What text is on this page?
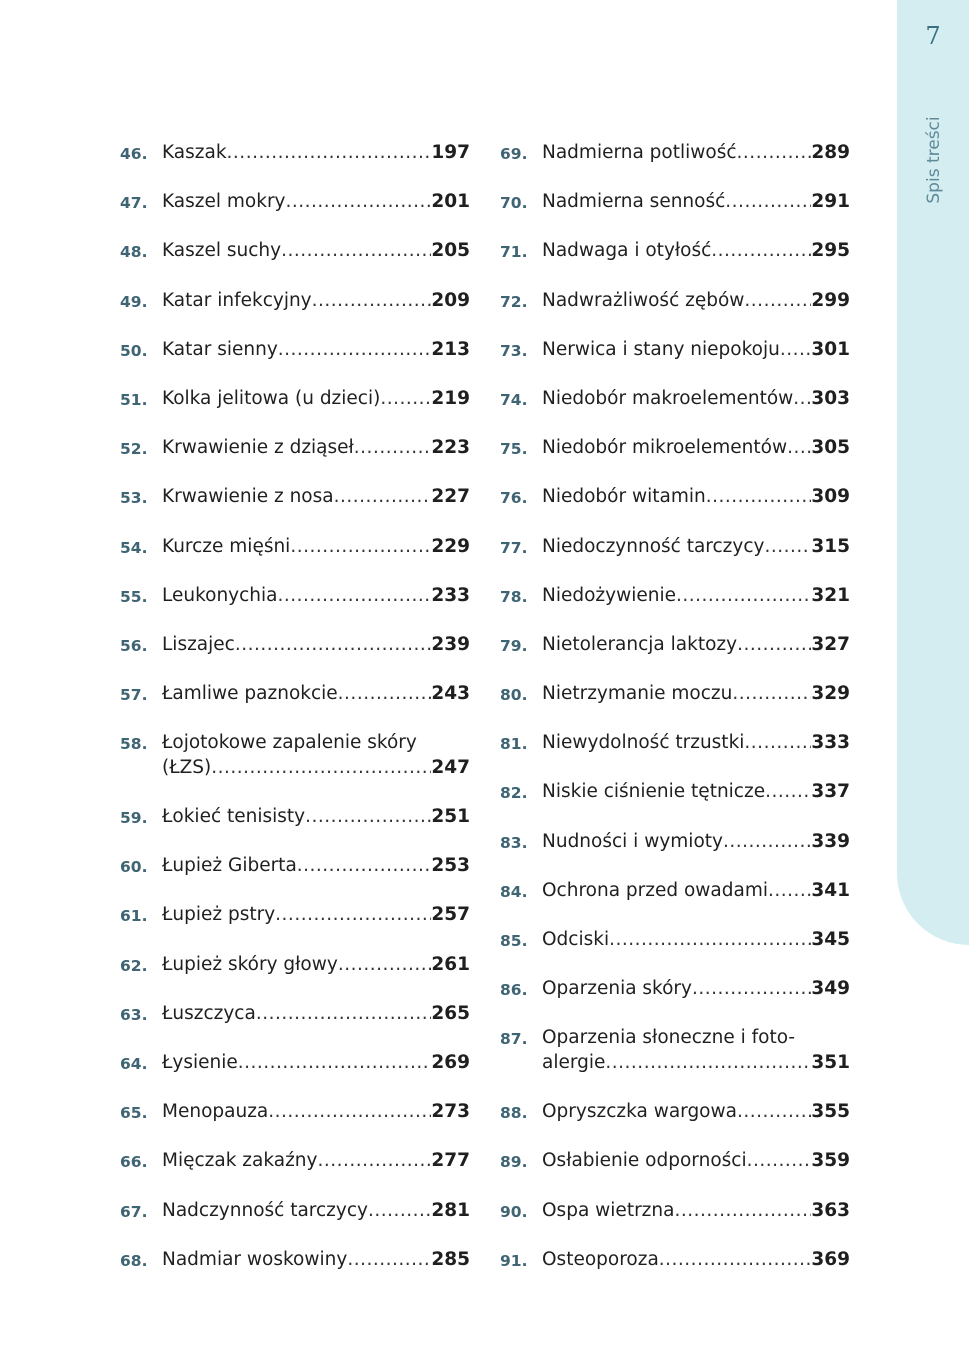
7
Spis treści
46. Kaszak .....	197
47. Kaszel mokry .....	201
48. Kaszel suchy .....	205
49. Katar infekcyjny .....	209
50. Katar sienny .....	213
51. Kolka jelitowa (u dzieci) .....	219
52. Krwawienie z dziąseł .....	223
53. Krwawienie z nosa .....	227
54. Kurcze mięśni .....	229
55. Leukonychia .....	233
56. Liszajec .....	239
57. Łamliwe paznokcie .....	243
58. Łojotokowe zapalenie skóry
(ŁZS) .....	247
59. Łokieć tenisisty .....	251
60. Łupież Giberta .....	253
61. Łupież pstry .....	257
62. Łupież skóry głowy .....	261
63. Łuszczyca .....	265
64. Łysienie .....	269
65. Menopauza .....	273
66. Mięczak zakaźny .....	277
67. Nadczynność tarczycy .....	281
68. Nadmiar woskowiny .....	285
69. Nadmierna potliwość .....	289
70. Nadmierna senność .....	291
71. Nadwaga i otyłość .....	295
72. Nadwrażliwość zębów .....	299
73. Nerwica i stany niepokoju ..... 301
74. Niedobór makroelementów ..... 303
75. Niedobór mikroelementów ..... 305
76. Niedobór witamin .....	309
77. Niedoczynność tarczycy .....	315
78. Niedożywienie .....	321
79. Nietolerancja laktozy .....	327
80. Nietrzymanie moczu .....	329
81. Niewydolność trzustki .....	333
82. Niskie ciśnienie tętnicze .....	337
83. Nudności i wymioty .....	339
84. Ochrona przed owadami ..... 341
85. Odciski .....	345
86. Oparzenia skóry .....	349
87. Oparzenia słoneczne i foto-
alergie .....	351
88. Opryszczka wargowa .....	355
89. Osłabienie odporności .....	359
90. Ospa wietrzna .....	363
91. Osteoporoza .....	369
